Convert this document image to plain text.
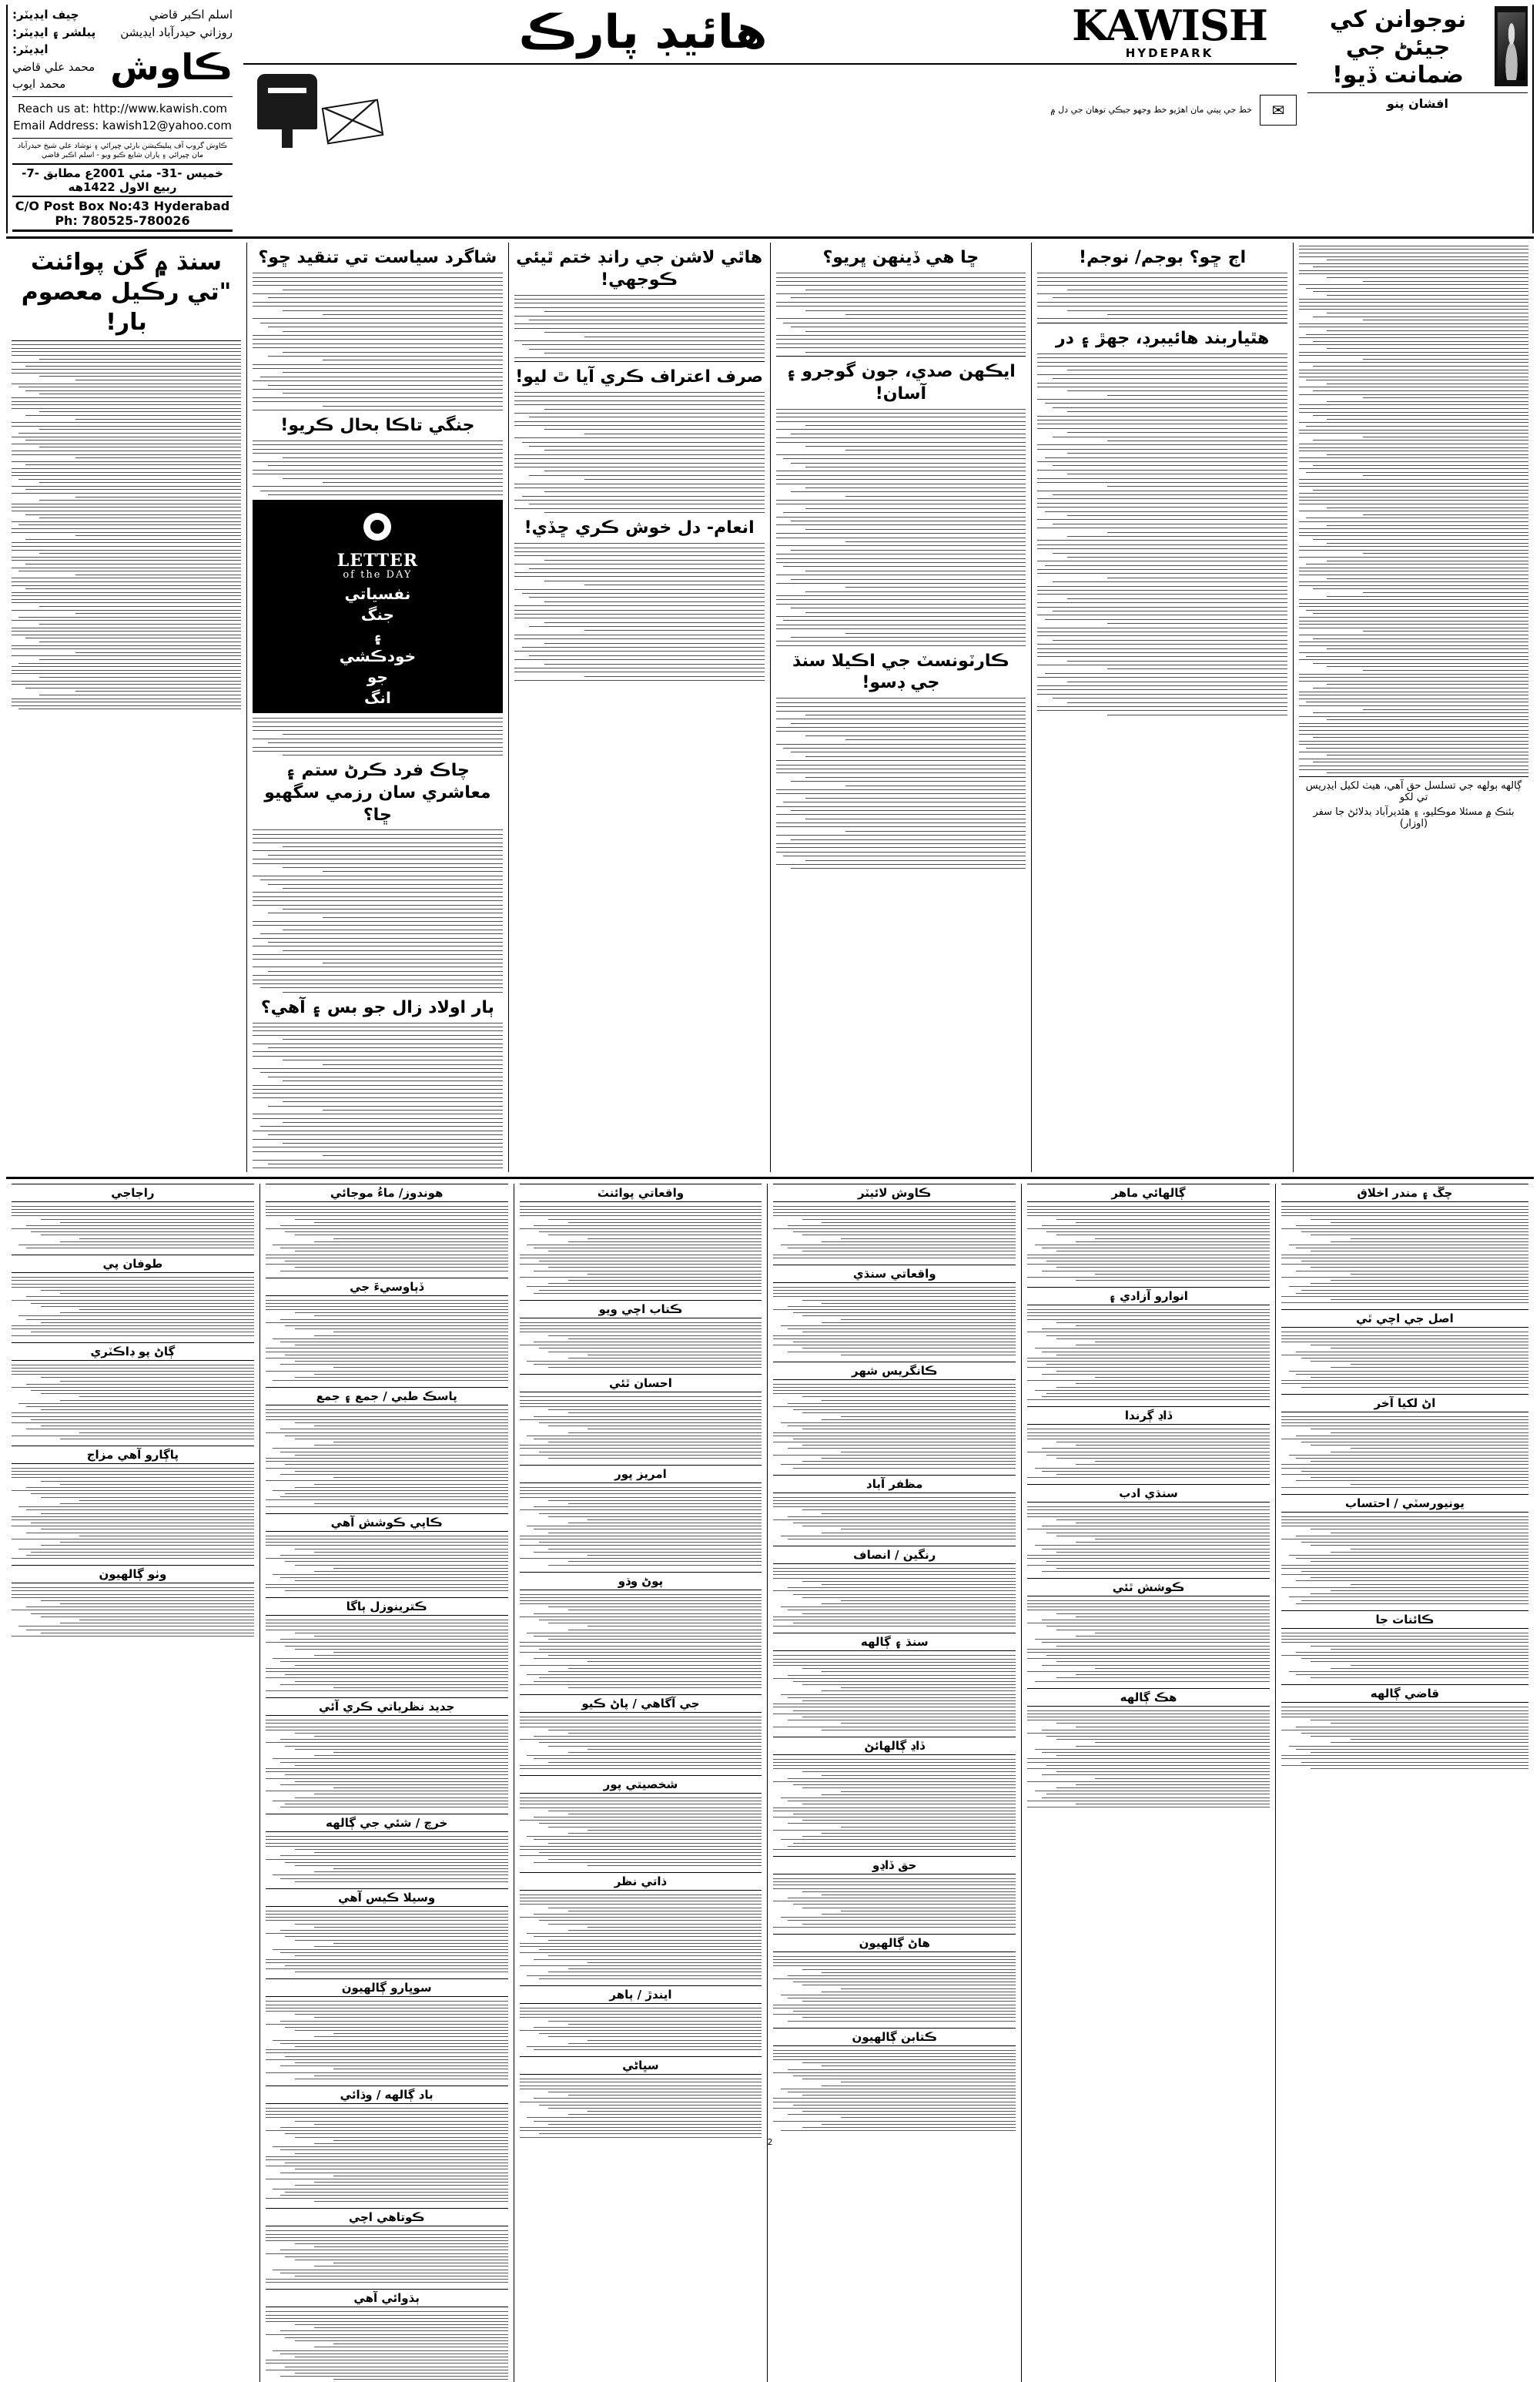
چيف ايڊيٽر:	اسلم اڪبر قاضي
پبلشر ۽ ايڊيٽر: روزاني حيدرآباد ايڊيشن
ايڊيٽر:
محمد علي قاضي
محمد ايوب ڪاوش
Reach us at: http://www.kawish.com
Email Address: kawish12@yahoo.com
ڪاوش گروپ آف پبليڪيشن بارئي ڇپرائي ۽ نوشاد علي شيخ حيدرآباد مان ڇپرائي ۽ پاران شايع ڪيو ويو - اسلم اڪبر قاضي
خميس -31- مئي 2001ع مطابق -7- ربيع الاول 1422هه
C/O Post Box No:43 Hyderabad Ph: 780525-780026
هائيڊ پارڪ	KAWISH
HYDEPARK
خط جي پيتي مان اهڙيو خط وجهو جيڪي توهان جي دل ۾	✉
نوجوانن کي جيئڻ جي ضمانت ڏيو!
افشان پنو
سنڌ ۾ گن پوائنٽ "تي رڪيل معصوم بار!
شاگرد سياست تي تنقيد ڇو؟
جنگي تاڪا بحال ڪريو!
LETTER
of the DAY
نفسياتي
جنگ
۽
خودڪشي
جو
انگ
چاڪ فرد ڪرڻ ستم ۽ معاشري سان رزمي سگهيو ڇا؟
ٻار اولاد زال جو بس ۽ آهي؟
هاٿي لاشن جي رانڊ ختم ٿيئي ڪوجهي!
صرف اعتراف ڪري آيا ٿ ليو!
انعام- دل خوش ڪري ڇڏي!
ڇا هي ڏينهن ڀريو؟
ايڪهن صدي، جون گوجرو ۽ آسان!
ڪارٽونسٽ جي اڪيلا سنڌ جي ڊسو!
اڄ ڇو؟ بوجم/ نوجم!
هٿياربند هائيبرڊ، جهڙ ۽ در
ڳالهه ٻولهه جي تسلسل حق آهي، هيٺ لکيل ايڊريس تي لکو
بئنڪ ۾ مسئلا موڪليو، ۽ هئديرآباد بدلائڻ جا سفر (اوزار)
راجاجي
طوفان پي
ڳاڻ پو ڊاڪٽري
پاڳارو آهي مزاج
وٺو ڳالهيون
هوندوز/ ماءُ موجائي
ڏٻاوسيءَ جي
پاسڪ طبي / جمع ۽ جمع
ڪاپي ڪوشش آهي
ڪترينوزل ٻاگا
جديد نظرياتي ڪري آئي
خرچ / شئي جي ڳالهه
وسيلا ڪيس آهي
سوڀارو ڳالهيون
باد ڳالهه / وڌائي
ڪوتاهي اچي
ٻڌوائي آهي
واقعاتي پوائنٽ
ڪتاب اچي ويو
احسان ٿئي
امريز پور
پوڻ وڌو
جي آگاهي / پاڻ ڪيو
شخصيتي پور
ذاتي نظر
ايندڙ / ٻاهر
سڀاڻي
ڪاوش لائيٽر
واقعاتي سنڌي
ڪانگريس شهر
مظفر آباد
رنگين / انصاف
سنڌ ۽ ڳالهه
ڏاڍ ڳالهائڻ
حق ڏاڍو
هاڻ ڳالهيون
ڪتابن ڳالهيون
ڳالهائي ماهر
انوارو آزادي ۽
ڏاڍ ڳرندا
سنڌي ادب
ڪوشش ٿئي
هڪ ڳالهه
چڱ ۽ مندر اخلاق
اصل جي اچي ٿي
اڻ لکيا آخر
يونيورسٽي / احتساب
ڪائنات جا
قاضي ڳالهه
2
